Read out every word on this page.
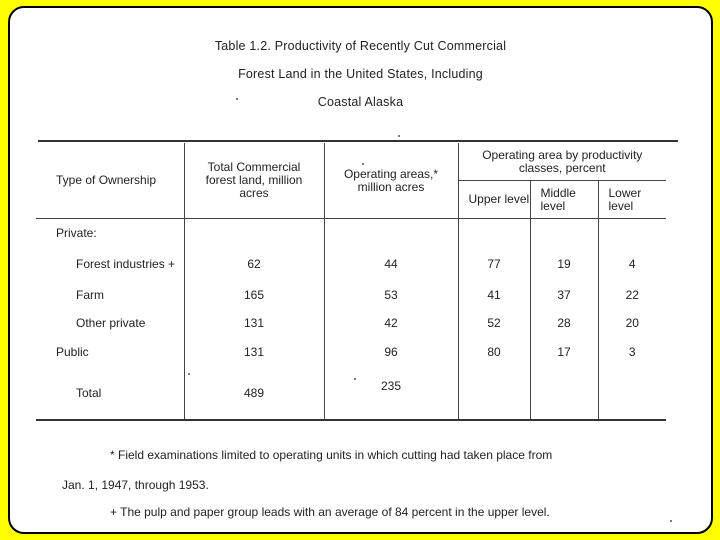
Table 1.2. Productivity of Recently Cut Commercial
Forest Land in the United States, Including
Coastal Alaska
Type of Ownership	Total Commercial forest land, million acres	Operating areas,* million acres	Operating area by productivity classes, percent		
			Upper level	Middle level	Lower level
Private:					
Forest industries +	62	44	77	19	4
Farm	165	53	41	37	22
Other private	131	42	52	28	20
Public	131	96	80	17	3
Total	489	235			
* Field examinations limited to operating units in which cutting had taken place from
Jan. 1, 1947, through 1953.
+ The pulp and paper group leads with an average of 84 percent in the upper level.
